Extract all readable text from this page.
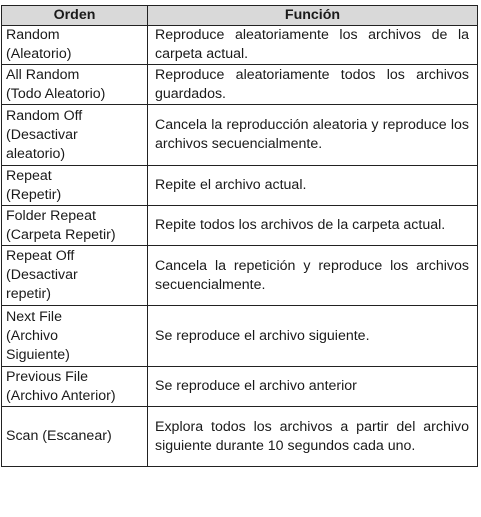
Orden	Función

Random
(Aleatorio)	Reproduce aleatoriamente los archivos de la carpeta actual.

All Random
(Todo Aleatorio)	Reproduce aleatoriamente todos los archivos guardados.

Random Off
(Desactivar
aleatorio)	Cancela la reproducción aleatoria y reproduce los archivos secuencialmente.

Repeat
(Repetir)	Repite el archivo actual.

Folder Repeat
(Carpeta Repetir)	Repite todos los archivos de la carpeta actual.

Repeat Off
(Desactivar
repetir)	Cancela la repetición y reproduce los archivos secuencialmente.

Next File
(Archivo
Siguiente)	Se reproduce el archivo siguiente.

Previous File
(Archivo Anterior)	Se reproduce el archivo anterior

Scan (Escanear)	Explora todos los archivos a partir del archivo siguiente durante 10 segundos cada uno.
